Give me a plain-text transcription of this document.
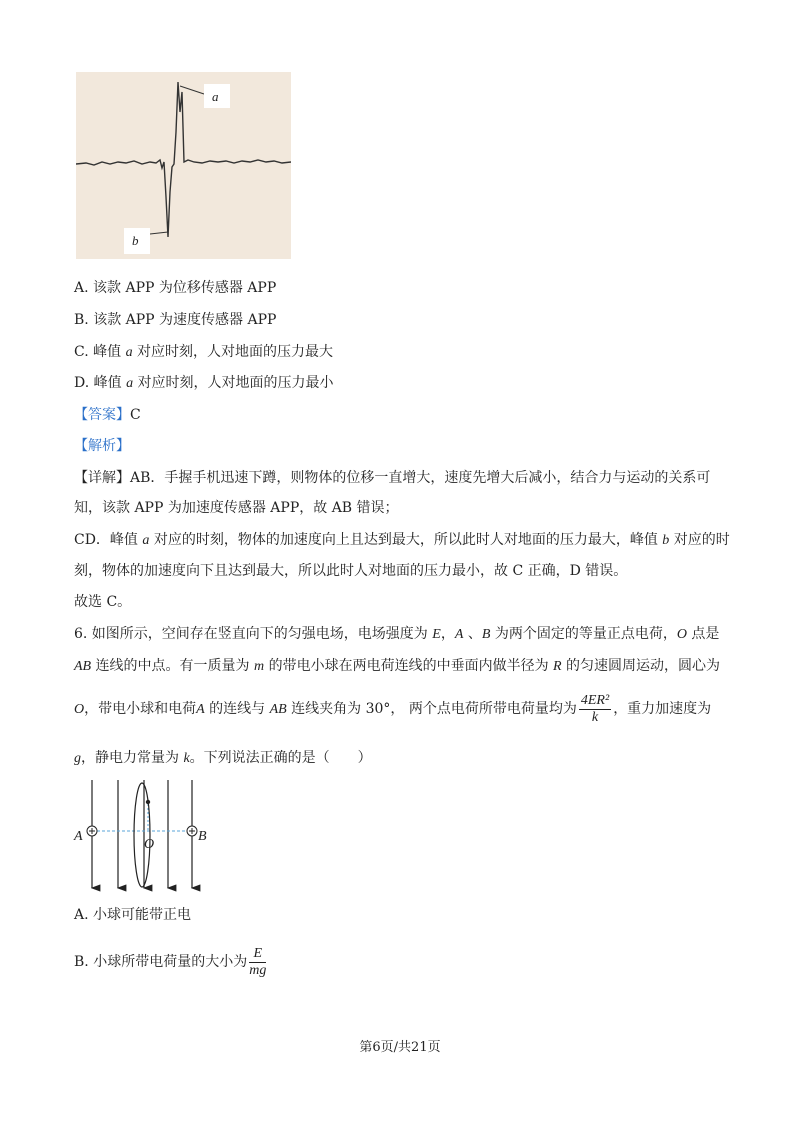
a
b
A. 该款 APP 为位移传感器 APP
B. 该款 APP 为速度传感器 APP
C. 峰值 a 对应时刻，人对地面的压力最大
D. 峰值 a 对应时刻，人对地面的压力最小
【答案】C
【解析】
【详解】AB．手握手机迅速下蹲，则物体的位移一直增大，速度先增大后减小，结合力与运动的关系可
知，该款 APP 为加速度传感器 APP，故 AB 错误；
CD．峰值 a 对应的时刻，物体的加速度向上且达到最大，所以此时人对地面的压力最大，峰值 b 对应的时
刻，物体的加速度向下且达到最大，所以此时人对地面的压力最小，故 C 正确，D 错误。
故选 C。
6. 如图所示，空间存在竖直向下的匀强电场，电场强度为 E，A 、B 为两个固定的等量正点电荷，O 点是
AB 连线的中点。有一质量为 m 的带电小球在两电荷连线的中垂面内做半径为 R 的匀速圆周运动，圆心为
O，带电小球和电荷A 的连线与 AB 连线夹角为 30°， 两个点电荷所带电荷量均为 $\frac{\text{4ER²}}{k}$ ，重力加速度为
g，静电力常量为 k。下列说法正确的是（　　）
A
O
B
A. 小球可能带正电
B. 小球所带电荷量的大小为 $\frac{E}{mg}$
第6页/共21页
